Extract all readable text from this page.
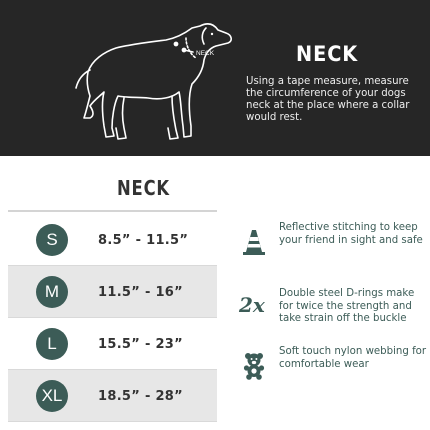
NECK	NECK
Using a tape measure, measure the circumference of your dogs neck at the place where a collar would rest.
NECK
S	8.5” - 11.5”
M	11.5” - 16”
L	15.5” - 23”
XL	18.5” - 28”
Reflective stitching to keep your friend in sight and safe
2x	Double steel D-rings make for twice the strength and take strain off the buckle
Soft touch nylon webbing for comfortable wear
